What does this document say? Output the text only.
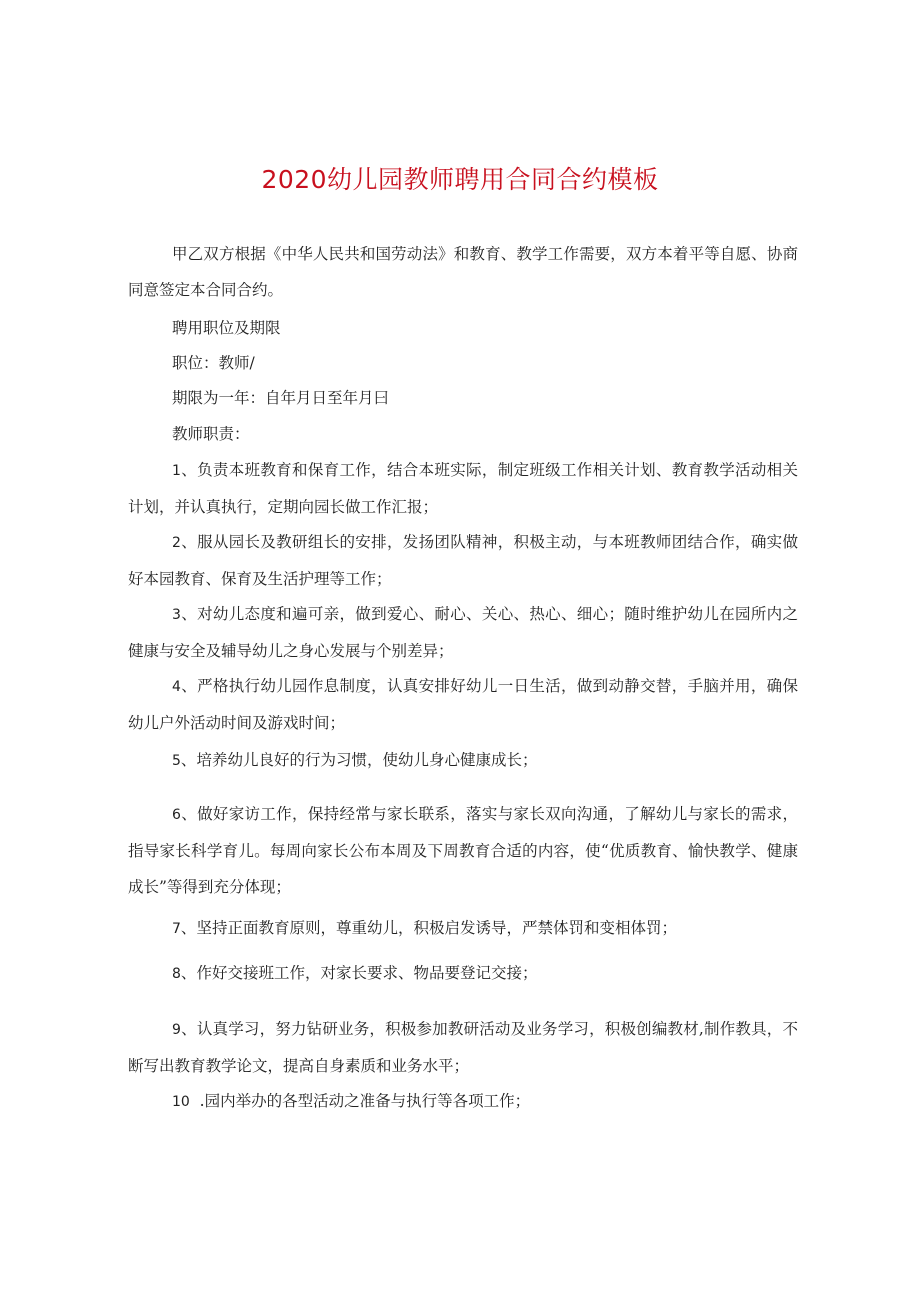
2020幼儿园教师聘用合同合约模板

甲乙双方根据《中华人民共和国劳动法》和教育、教学工作需要，双方本着平等自愿、协商同意签定本合同合约。

聘用职位及期限

职位：教师/

期限为一年：自年月日至年月曰

教师职责：

1、负责本班教育和保育工作，结合本班实际，制定班级工作相关计划、教育教学活动相关计划，并认真执行，定期向园长做工作汇报；

2、服从园长及教研组长的安排，发扬团队精神，积极主动，与本班教师团结合作，确实做好本园教育、保育及生活护理等工作；

3、对幼儿态度和遍可亲，做到爱心、耐心、关心、热心、细心；随时维护幼儿在园所内之健康与安全及辅导幼儿之身心发展与个别差异；

4、严格执行幼儿园作息制度，认真安排好幼儿一日生活，做到动静交替，手脑并用，确保幼儿户外活动时间及游戏时间；

5、培养幼儿良好的行为习惯，使幼儿身心健康成长；

6、做好家访工作，保持经常与家长联系，落实与家长双向沟通，了解幼儿与家长的需求，指导家长科学育儿。每周向家长公布本周及下周教育合适的内容，使“优质教育、愉快教学、健康成长”等得到充分体现；

7、坚持正面教育原则，尊重幼儿，积极启发诱导，严禁体罚和变相体罚；

8、作好交接班工作，对家长要求、物品要登记交接；

9、认真学习，努力钻研业务，积极参加教研活动及业务学习，积极创编教材,制作教具，不断写出教育教学论文，提高自身素质和业务水平；

10  .园内举办的各型活动之准备与执行等各项工作；
